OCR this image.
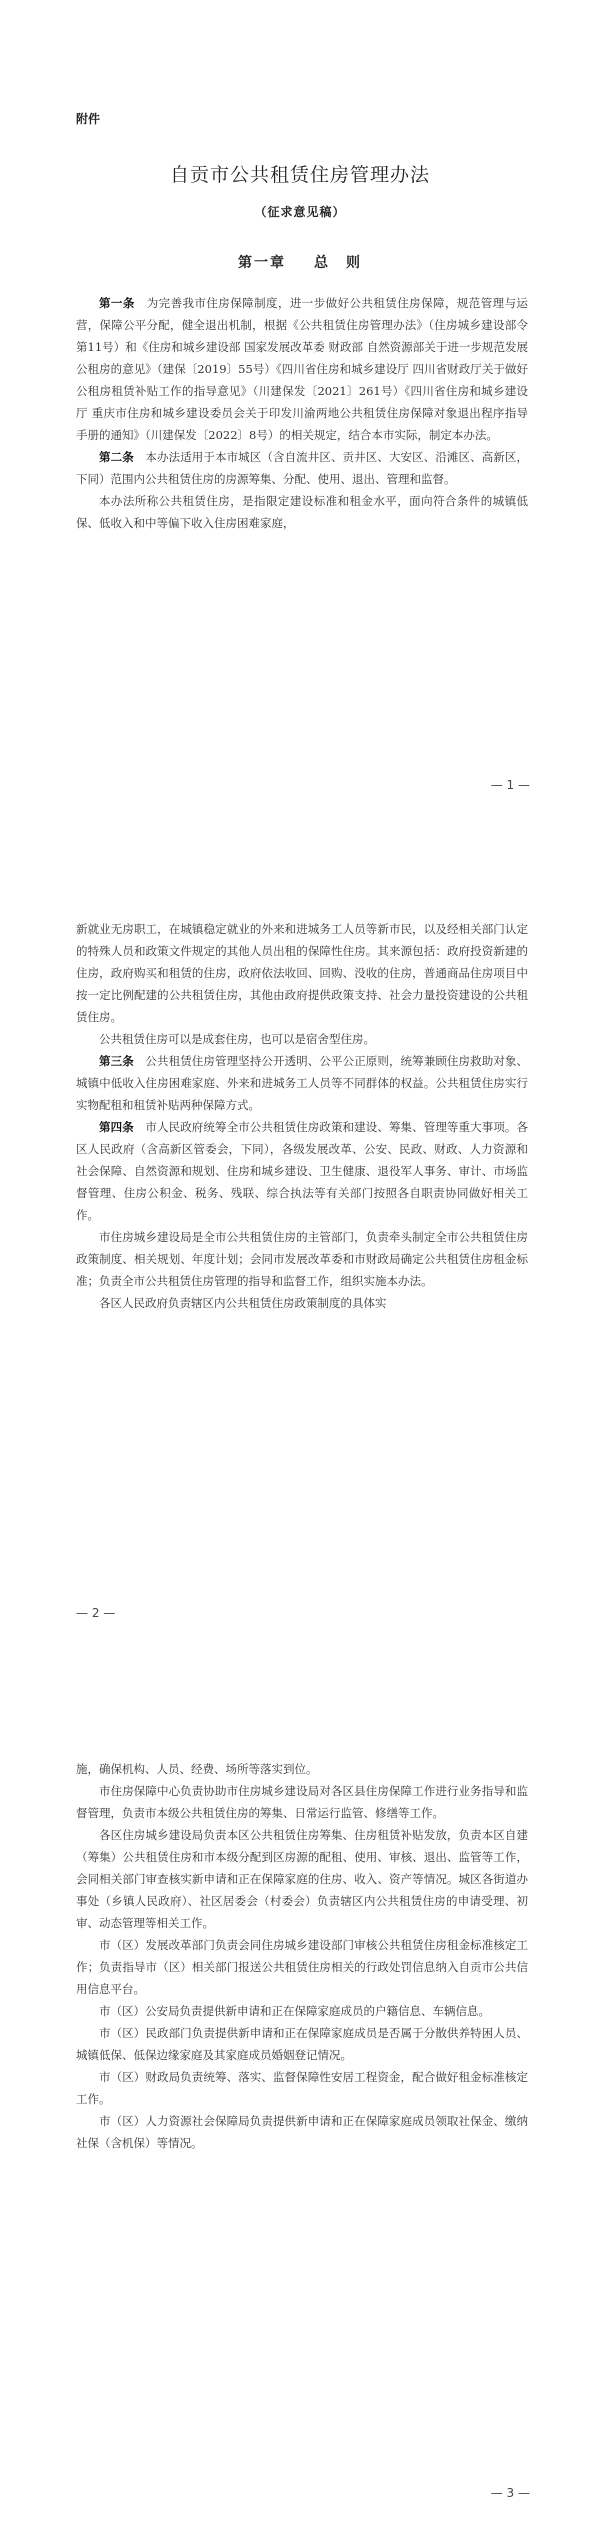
附件
自贡市公共租赁住房管理办法
（征求意见稿）
第一章 总　则

第一条　 为完善我市住房保障制度，进一步做好公共租赁住房保障，规范管理与运营，保障公平分配，健全退出机制，根据《公共租赁住房管理办法》（住房城乡建设部令第11号）和《住房和城乡建设部 国家发展改革委 财政部 自然资源部关于进一步规范发展公租房的意见》（建保〔2019〕55号）《四川省住房和城乡建设厅 四川省财政厅关于做好公租房租赁补贴工作的指导意见》（川建保发〔2021〕261号）《四川省住房和城乡建设厅 重庆市住房和城乡建设委员会关于印发川渝两地公共租赁住房保障对象退出程序指导手册的通知》（川建保发〔2022〕8号）的相关规定，结合本市实际，制定本办法。

第二条　 本办法适用于本市城区（含自流井区、贡井区、大安区、沿滩区、高新区，下同）范围内公共租赁住房的房源筹集、分配、使用、退出、管理和监督。

本办法所称公共租赁住房，是指限定建设标准和租金水平，面向符合条件的城镇低保、低收入和中等偏下收入住房困难家庭，

— 1 —

新就业无房职工，在城镇稳定就业的外来和进城务工人员等新市民，以及经相关部门认定的特殊人员和政策文件规定的其他人员出租的保障性住房。其来源包括：政府投资新建的住房，政府购买和租赁的住房，政府依法收回、回购、没收的住房，普通商品住房项目中按一定比例配建的公共租赁住房，其他由政府提供政策支持、社会力量投资建设的公共租赁住房。

公共租赁住房可以是成套住房，也可以是宿舍型住房。

第三条　 公共租赁住房管理坚持公开透明、公平公正原则，统筹兼顾住房救助对象、城镇中低收入住房困难家庭、外来和进城务工人员等不同群体的权益。公共租赁住房实行实物配租和租赁补贴两种保障方式。

第四条　 市人民政府统筹全市公共租赁住房政策和建设、筹集、管理等重大事项。各区人民政府（含高新区管委会，下同），各级发展改革、公安、民政、财政、人力资源和社会保障、自然资源和规划、住房和城乡建设、卫生健康、退役军人事务、审计、市场监督管理、住房公积金、税务、残联、综合执法等有关部门按照各自职责协同做好相关工作。

市住房城乡建设局是全市公共租赁住房的主管部门，负责牵头制定全市公共租赁住房政策制度、相关规划、年度计划；会同市发展改革委和市财政局确定公共租赁住房租金标准；负责全市公共租赁住房管理的指导和监督工作，组织实施本办法。

各区人民政府负责辖区内公共租赁住房政策制度的具体实

— 2 —

施，确保机构、人员、经费、场所等落实到位。

市住房保障中心负责协助市住房城乡建设局对各区县住房保障工作进行业务指导和监督管理，负责市本级公共租赁住房的筹集、日常运行监管、修缮等工作。

各区住房城乡建设局负责本区公共租赁住房筹集、住房租赁补贴发放，负责本区自建（筹集）公共租赁住房和市本级分配到区房源的配租、使用、审核、退出、监管等工作，会同相关部门审查核实新申请和正在保障家庭的住房、收入、资产等情况。城区各街道办事处（乡镇人民政府）、社区居委会（村委会）负责辖区内公共租赁住房的申请受理、初审、动态管理等相关工作。

市（区）发展改革部门负责会同住房城乡建设部门审核公共租赁住房租金标准核定工作；负责指导市（区）相关部门报送公共租赁住房相关的行政处罚信息纳入自贡市公共信用信息平台。

市（区）公安局负责提供新申请和正在保障家庭成员的户籍信息、车辆信息。

市（区）民政部门负责提供新申请和正在保障家庭成员是否属于分散供养特困人员、城镇低保、低保边缘家庭及其家庭成员婚姻登记情况。

市（区）财政局负责统筹、落实、监督保障性安居工程资金，配合做好租金标准核定工作。

市（区）人力资源社会保障局负责提供新申请和正在保障家庭成员领取社保金、缴纳社保（含机保）等情况。

— 3 —
